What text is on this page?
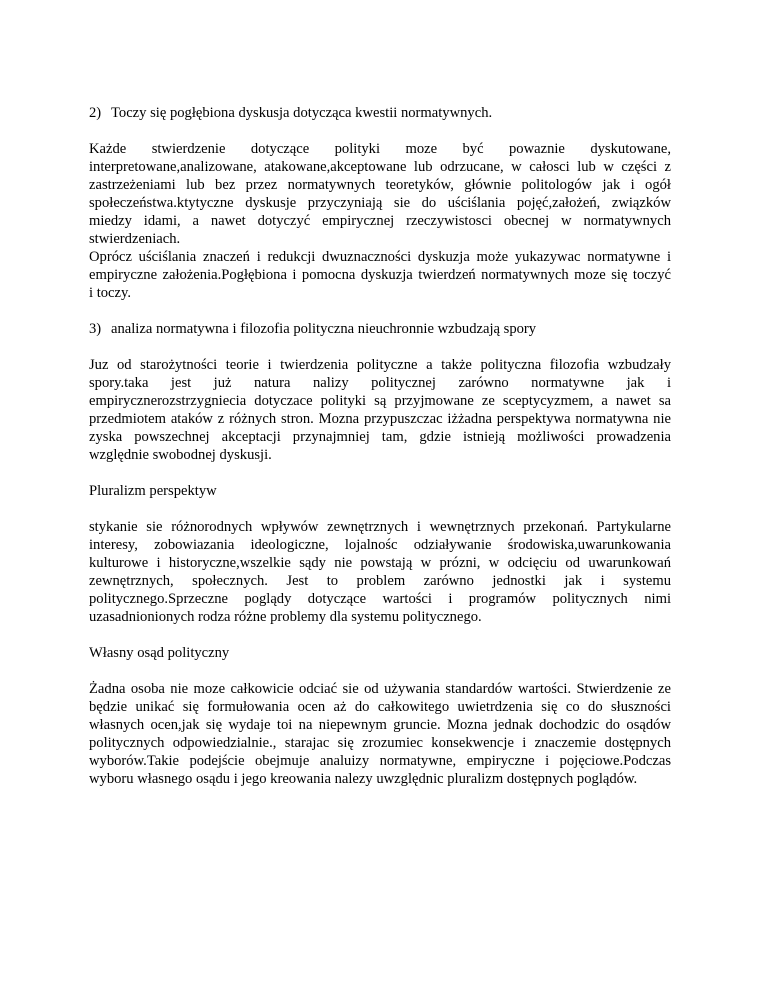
2) Toczy się pogłębiona dyskusja dotycząca kwestii normatywnych.

Każde stwierdzenie dotyczące polityki moze być powaznie dyskutowane,
interpretowane,analizowane, atakowane,akceptowane lub odrzucane, w całosci lub w części z
zastrzeżeniami lub bez przez normatywnych teoretyków, głównie politologów jak i ogół
społeczeństwa.ktytyczne dyskusje przyczyniają sie do uściślania pojęć,założeń, związków
miedzy idami, a nawet dotyczyć empirycznej rzeczywistosci obecnej w normatywnych
stwierdzeniach.
Oprócz uściślania znaczeń i redukcji dwuznaczności dyskuzja może yukazywac normatywne i
empiryczne założenia.Pogłębiona i pomocna dyskuzja twierdzeń normatywnych moze się toczyć
i toczy.

3) analiza normatywna i filozofia polityczna nieuchronnie wzbudzają spory

Juz od starożytności teorie i twierdzenia polityczne a także polityczna filozofia wzbudzały
spory.taka jest już natura nalizy politycznej zarówno normatywne jak i
empirycznerozstrzygniecia dotyczace polityki są przyjmowane ze sceptycyzmem, a nawet sa
przedmiotem ataków z różnych stron. Mozna przypuszczac iżżadna perspektywa normatywna nie
zyska powszechnej akceptacji przynajmniej tam, gdzie istnieją możliwości prowadzenia
względnie swobodnej dyskusji.

Pluralizm perspektyw

stykanie sie różnorodnych wpływów zewnętrznych i wewnętrznych przekonań. Partykularne
interesy, zobowiazania ideologiczne, lojalnośc odziaływanie środowiska,uwarunkowania
kulturowe i historyczne,wszelkie sądy nie powstają w prózni, w odcięciu od uwarunkowań
zewnętrznych, społecznych. Jest to problem zarówno jednostki jak i systemu
politycznego.Sprzeczne poglądy dotyczące wartości i programów politycznych nimi
uzasadnionionych rodza różne problemy dla systemu politycznego.

Własny osąd polityczny

Żadna osoba nie moze całkowicie odciać sie od używania standardów wartości. Stwierdzenie ze
będzie unikać się formułowania ocen aż do całkowitego uwietrdzenia się co do słuszności
własnych ocen,jak się wydaje toi na niepewnym gruncie. Mozna jednak dochodzic do osądów
politycznych odpowiedzialnie., starajac się zrozumiec konsekwencje i znaczemie dostępnych
wyborów.Takie podejście obejmuje analuizy normatywne, empiryczne i pojęciowe.Podczas
wyboru własnego osądu i jego kreowania nalezy uwzględnic pluralizm dostępnych poglądów.
